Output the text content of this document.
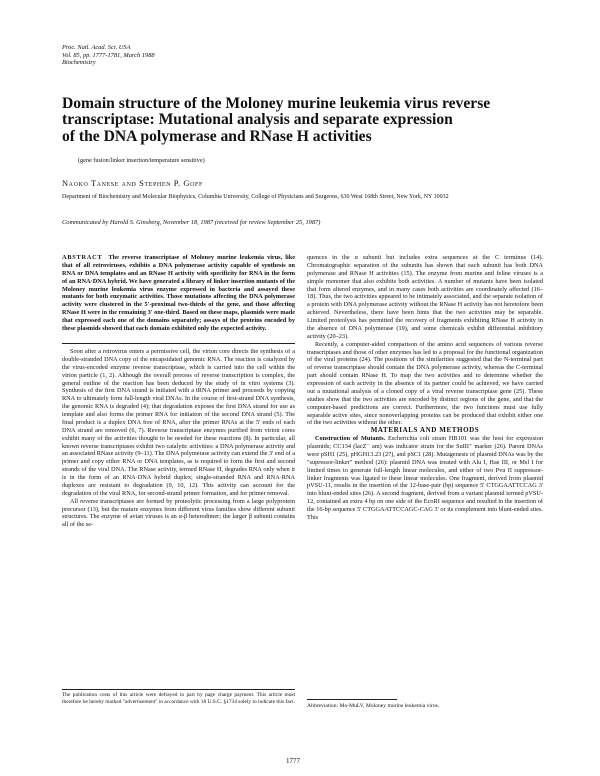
Proc. Natl. Acad. Sci. USA
Vol. 85, pp. 1777-1781, March 1988
Biochemistry
Domain structure of the Moloney murine leukemia virus reverse
transcriptase: Mutational analysis and separate expression
of the DNA polymerase and RNase H activities
(gene fusion/linker insertion/temperature sensitive)
Naoko Tanese and Stephen P. Goff
Department of Biochemistry and Molecular Biophysics, Columbia University, College of Physicians and Surgeons, 630 West 168th Street, New York, NY 10032
Communicated by Harold S. Ginsberg, November 18, 1987 (received for review September 25, 1987)

ABSTRACT The reverse transcriptase of Moloney murine leukemia virus, like that of all retroviruses, exhibits a DNA polymerase activity capable of synthesis on RNA or DNA templates and an RNase H activity with specificity for RNA in the form of an RNA·DNA hybrid. We have generated a library of linker insertion mutants of the Moloney murine leukemia virus enzyme expressed in bacteria and assayed these mutants for both enzymatic activities. Those mutations affecting the DNA polymerase activity were clustered in the 5'-proximal two-thirds of the gene, and those affecting RNase H were in the remaining 3' one-third. Based on these maps, plasmids were made that expressed each one of the domains separately; assays of the proteins encoded by these plasmids showed that each domain exhibited only the expected activity.

Soon after a retrovirus enters a permissive cell, the virion core directs the synthesis of a double-stranded DNA copy of the encapsidated genomic RNA. The reaction is catalyzed by the virus-encoded enzyme reverse transcriptase, which is carried into the cell within the virion particle (1, 2). Although the overall process of reverse transcription is complex, the general outline of the reaction has been deduced by the study of in vitro systems (3). Synthesis of the first DNA strand is initiated with a tRNA primer and proceeds by copying RNA to ultimately form full-length viral DNAs. In the course of first-strand DNA synthesis, the genomic RNA is degraded (4); that degradation exposes the first DNA strand for use as template and also forms the primer RNA for initiation of the second DNA strand (5). The final product is a duplex DNA free of RNA, after the primer RNAs at the 5' ends of each DNA strand are removed (6, 7). Reverse transcriptase enzymes purified from virion cores exhibit many of the activities thought to be needed for these reactions (8). In particular, all known reverse transcriptases exhibit two catalytic activities: a DNA polymerase activity and an associated RNase activity (9–11). The DNA polymerase activity can extend the 3' end of a primer and copy either RNA or DNA templates, as is required to form the first and second strands of the viral DNA. The RNase activity, termed RNase H, degrades RNA only when it is in the form of an RNA·DNA hybrid duplex; single-stranded RNA and RNA·RNA duplexes are resistant to degradation (9, 10, 12). This activity can account for the degradation of the viral RNA, for second-strand primer formation, and for primer removal.

All reverse transcriptases are formed by proteolytic processing from a large polyprotein precursor (13), but the mature enzymes from different virus families show different subunit structures. The enzyme of avian viruses is an α-β heterodimer; the larger β subunit contains all of the se-

The publication costs of this article were defrayed in part by page charge payment. This article must therefore be hereby marked "advertisement" in accordance with 18 U.S.C. §1734 solely to indicate this fact.

quences in the α subunit but includes extra sequences at the C terminus (14). Chromatographic separation of the subunits has shown that each subunit has both DNA polymerase and RNase H activities (15). The enzyme from murine and feline viruses is a simple monomer that also exhibits both activities. A number of mutants have been isolated that form altered enzymes, and in many cases both activities are coordinately affected (16–18). Thus, the two activities appeared to be intimately associated, and the separate isolation of a protein with DNA polymerase activity without the RNase H activity has not heretofore been achieved. Nevertheless, there have been hints that the two activities may be separable. Limited proteolysis has permitted the recovery of fragments exhibiting RNase H activity in the absence of DNA polymerase (19), and some chemicals exhibit differential inhibitory activity (20–23).

Recently, a computer-aided comparison of the amino acid sequences of various reverse transcriptases and those of other enzymes has led to a proposal for the functional organization of the viral proteins (24). The positions of the similarities suggested that the N-terminal part of reverse transcriptase should contain the DNA polymerase activity, whereas the C-terminal part should contain RNase H. To map the two activities and to determine whether the expression of each activity in the absence of its partner could be achieved, we have carried out a mutational analysis of a cloned copy of a viral reverse transcriptase gene (25). These studies show that the two activities are encoded by distinct regions of the gene, and that the computer-based predictions are correct. Furthermore, the two functions must use fully separable active sites, since nonoverlapping proteins can be produced that exhibit either one of the two activities without the other.

MATERIALS AND METHODS

Construction of Mutants. Escherichia coli strain HB101 was the host for expression plasmids; CC134 (lacZ⁻ am) was indicator strain for the SuIII⁺ marker (26). Parent DNAs were pSH1 (25), pHGH13.23 (27), and pSC1 (28). Mutagenesis of plasmid DNAs was by the "supressor-linker" method (26): plasmid DNA was treated with Alu I, Hae III, or Msl I for limited times to generate full-length linear molecules, and either of two Pvu II suppressor-linker fragments was ligated to these linear molecules. One fragment, derived from plasmid pVSU-11, results in the insertion of the 12-base-pair (bp) sequence 5' CTGGAATTCCAG 3' into blunt-ended sites (26). A second fragment, derived from a variant plasmid termed pVSU-12, contained an extra 4 bp on one side of the EcoRI sequence and resulted in the insertion of the 16-bp sequence 5' CTGGAATTCCAGC-CAG 3' or its complement into blunt-ended sites. This

Abbreviation: Mo-MuLV, Moloney murine leukemia virus.
1777
